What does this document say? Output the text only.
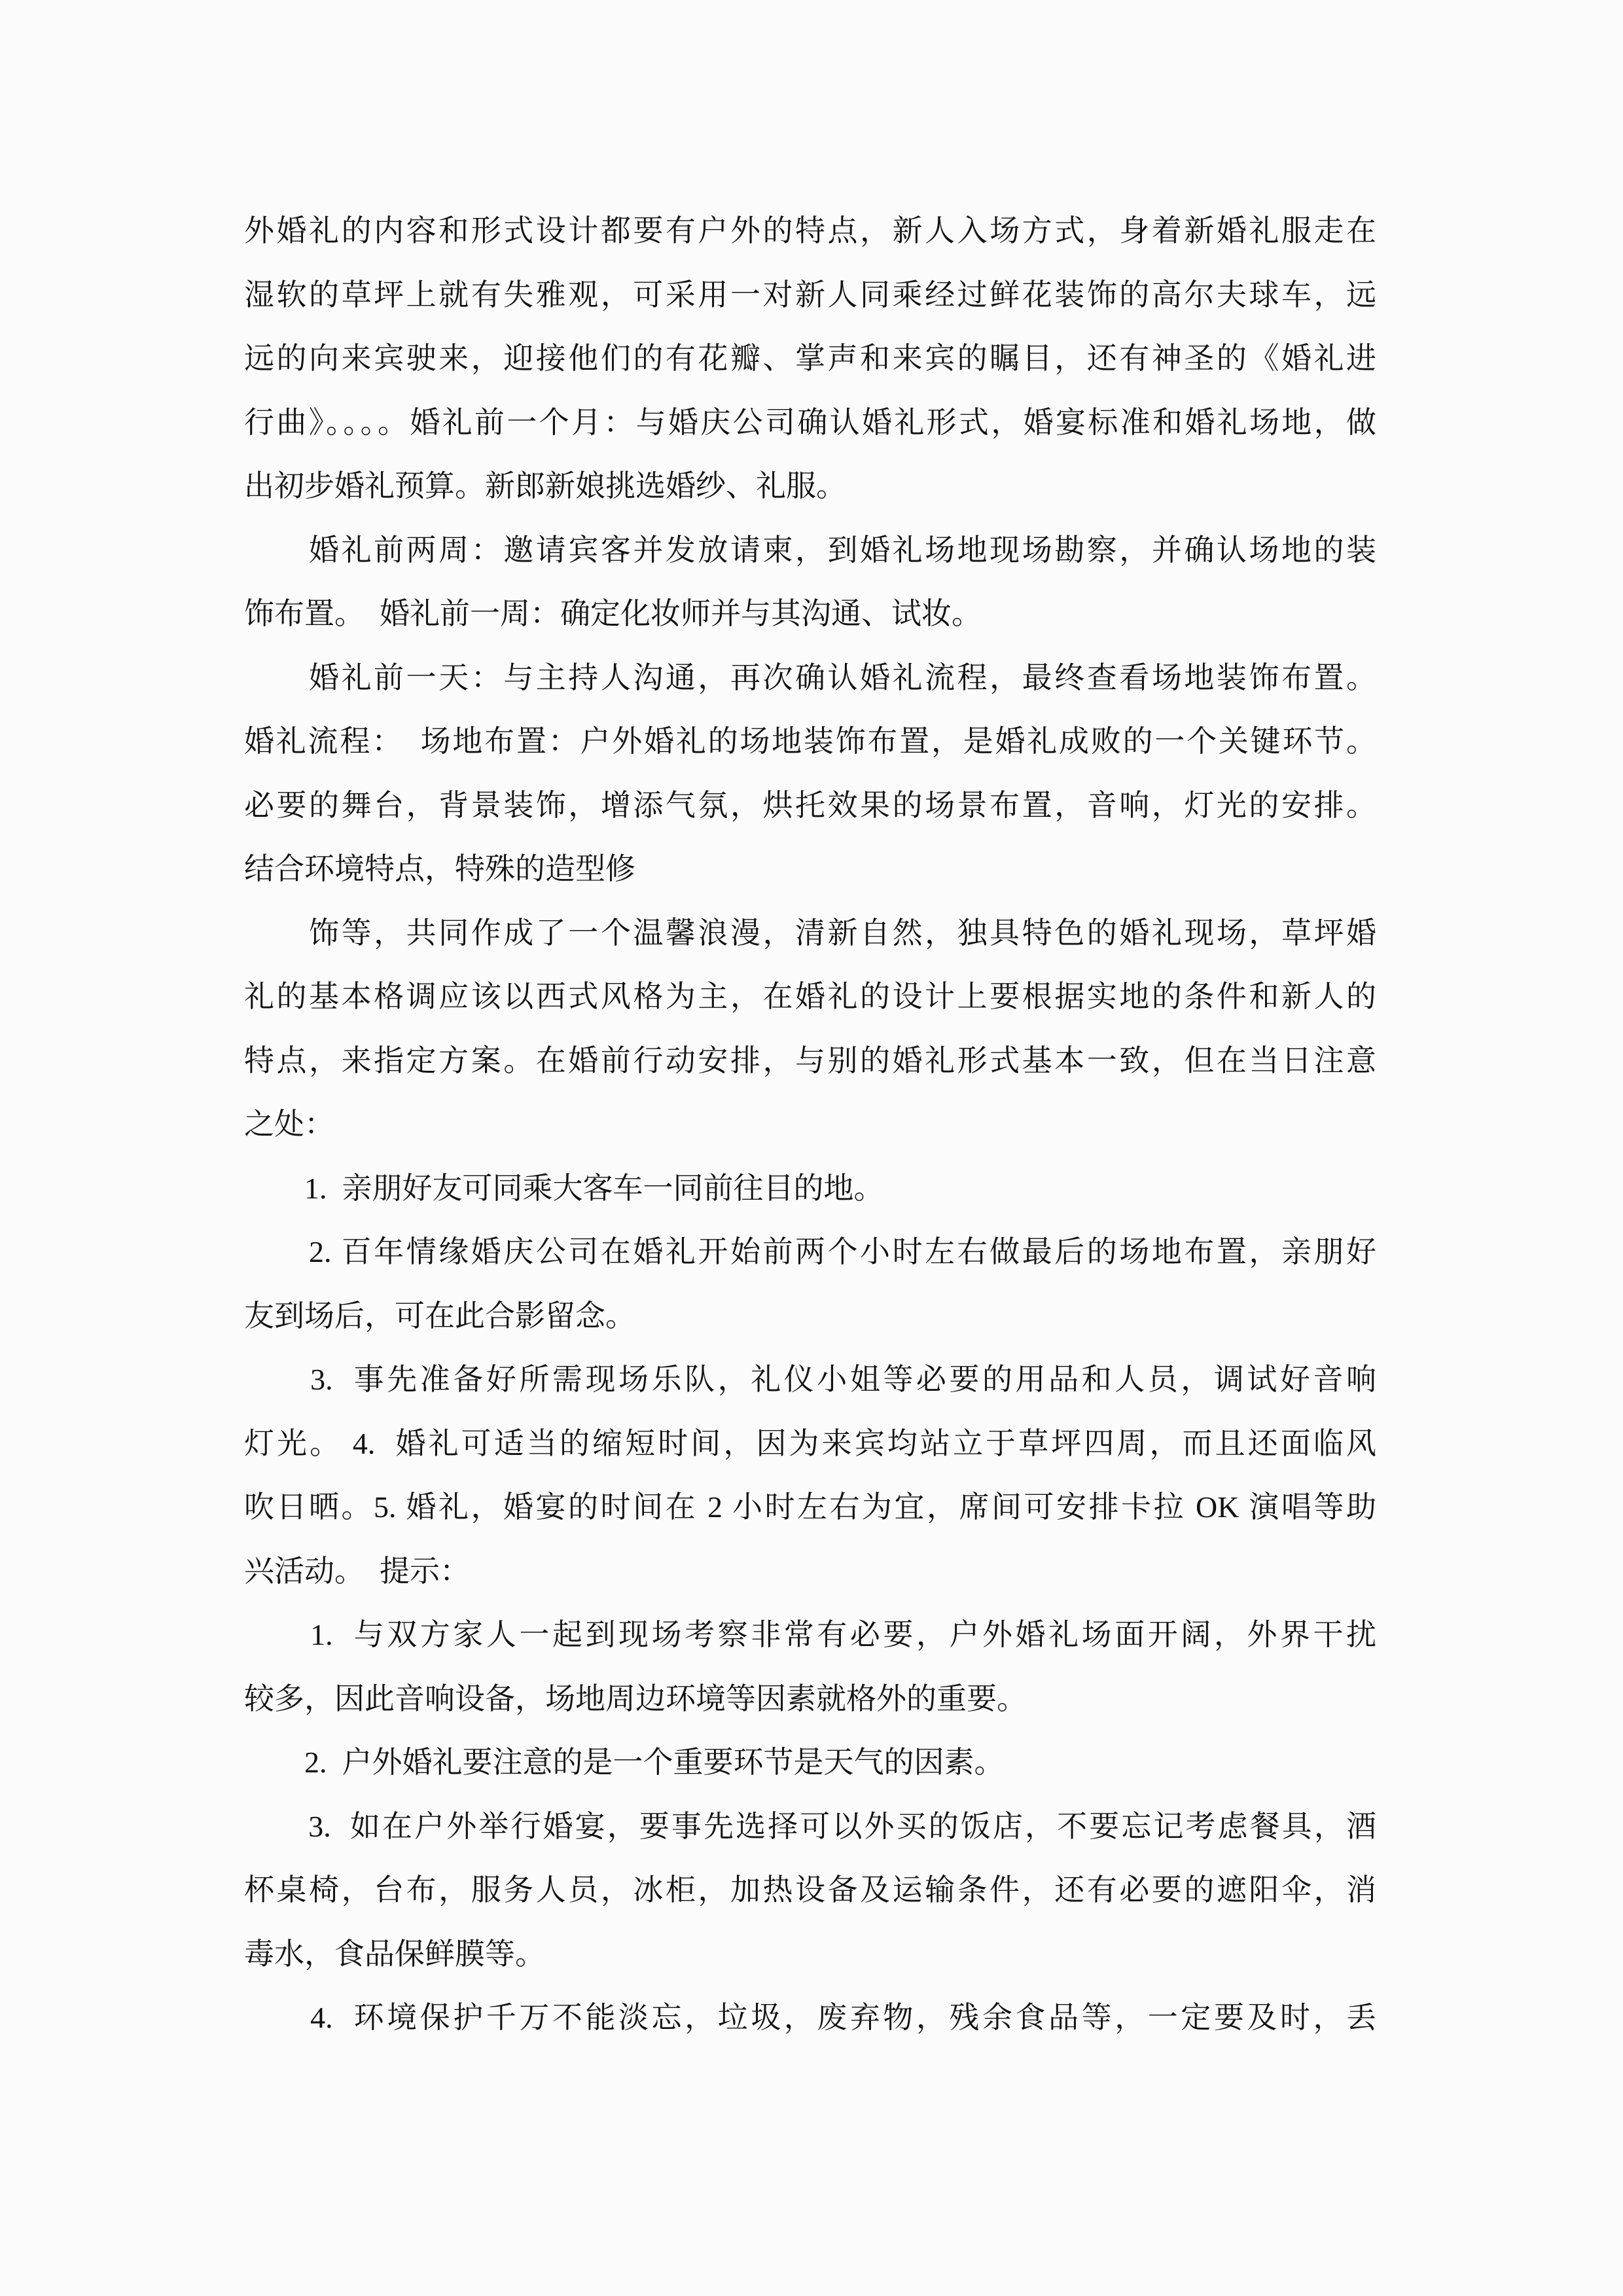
外婚礼的内容和形式设计都要有户外的特点，新人入场方式，身着新婚礼服走在
湿软的草坪上就有失雅观，可采用一对新人同乘经过鲜花装饰的高尔夫球车，远
远的向来宾驶来，迎接他们的有花瓣、掌声和来宾的瞩目，还有神圣的《婚礼进
行曲》。。。。婚礼前一个月：与婚庆公司确认婚礼形式，婚宴标准和婚礼场地，做
出初步婚礼预算。新郎新娘挑选婚纱、礼服。
　　婚礼前两周：邀请宾客并发放请柬，到婚礼场地现场勘察，并确认场地的装
饰布置。　婚礼前一周：确定化妆师并与其沟通、试妆。
　　婚礼前一天：与主持人沟通，再次确认婚礼流程，最终查看场地装饰布置。
婚礼流程：　场地布置：户外婚礼的场地装饰布置，是婚礼成败的一个关键环节。
必要的舞台，背景装饰，增添气氛，烘托效果的场景布置，音响，灯光的安排。
结合环境特点，特殊的造型修
　　饰等，共同作成了一个温馨浪漫，清新自然，独具特色的婚礼现场，草坪婚
礼的基本格调应该以西式风格为主，在婚礼的设计上要根据实地的条件和新人的
特点，来指定方案。在婚前行动安排，与别的婚礼形式基本一致，但在当日注意
之处：
　　1.  亲朋好友可同乘大客车一同前往目的地。
　　2. 百年情缘婚庆公司在婚礼开始前两个小时左右做最后的场地布置，亲朋好
友到场后，可在此合影留念。
　　3.  事先准备好所需现场乐队，礼仪小姐等必要的用品和人员，调试好音响
灯光。 4.  婚礼可适当的缩短时间，因为来宾均站立于草坪四周，而且还面临风
吹日晒。5. 婚礼，婚宴的时间在 2 小时左右为宜，席间可安排卡拉 OK 演唱等助
兴活动。　提示：
　　1.  与双方家人一起到现场考察非常有必要，户外婚礼场面开阔，外界干扰
较多，因此音响设备，场地周边环境等因素就格外的重要。
　　2.  户外婚礼要注意的是一个重要环节是天气的因素。
　　3.  如在户外举行婚宴，要事先选择可以外买的饭店，不要忘记考虑餐具，酒
杯桌椅，台布，服务人员，冰柜，加热设备及运输条件，还有必要的遮阳伞，消
毒水，食品保鲜膜等。
　　4.  环境保护千万不能淡忘，垃圾，废弃物，残余食品等，一定要及时，丢
